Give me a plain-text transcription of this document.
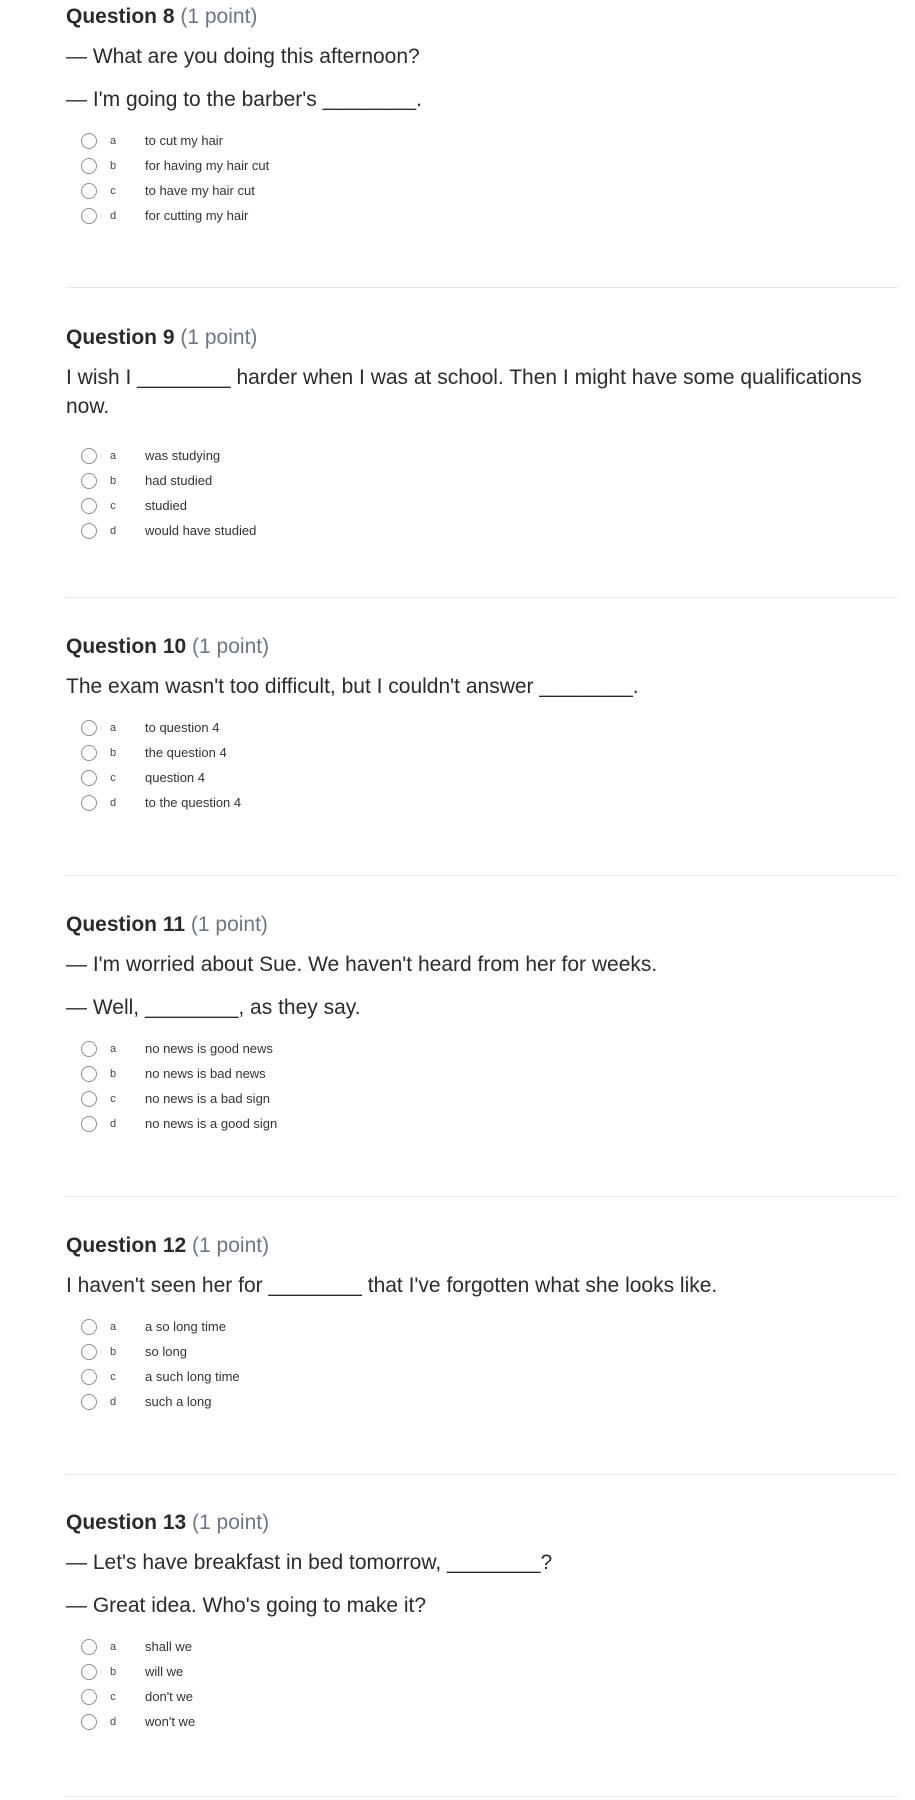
Question 8 (1 point)
— What are you doing this afternoon?
— I'm going to the barber's ________.
a	to cut my hair
b	for having my hair cut
c	to have my hair cut
d	for cutting my hair
Question 9 (1 point)
I wish I ________ harder when I was at school. Then I might have some qualifications now.
a	was studying
b	had studied
c	studied
d	would have studied
Question 10 (1 point)
The exam wasn't too difficult, but I couldn't answer ________.
a	to question 4
b	the question 4
c	question 4
d	to the question 4
Question 11 (1 point)
— I'm worried about Sue. We haven't heard from her for weeks.
— Well, ________, as they say.
a	no news is good news
b	no news is bad news
c	no news is a bad sign
d	no news is a good sign
Question 12 (1 point)
I haven't seen her for ________ that I've forgotten what she looks like.
a	a so long time
b	so long
c	a such long time
d	such a long
Question 13 (1 point)
— Let's have breakfast in bed tomorrow, ________?
— Great idea. Who's going to make it?
a	shall we
b	will we
c	don't we
d	won't we
